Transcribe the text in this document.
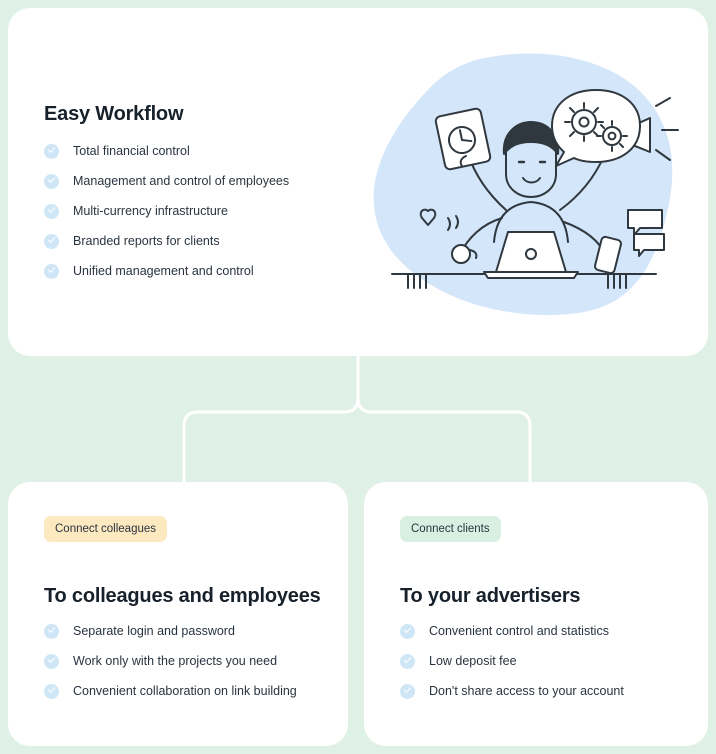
Easy Workflow
Total financial control
Management and control of employees
Multi-currency infrastructure
Branded reports for clients
Unified management and control
Connect colleagues
To colleagues and employees
Separate login and password
Work only with the projects you need
Convenient collaboration on link building
Connect clients
To your advertisers
Convenient control and statistics
Low deposit fee
Don't share access to your account
